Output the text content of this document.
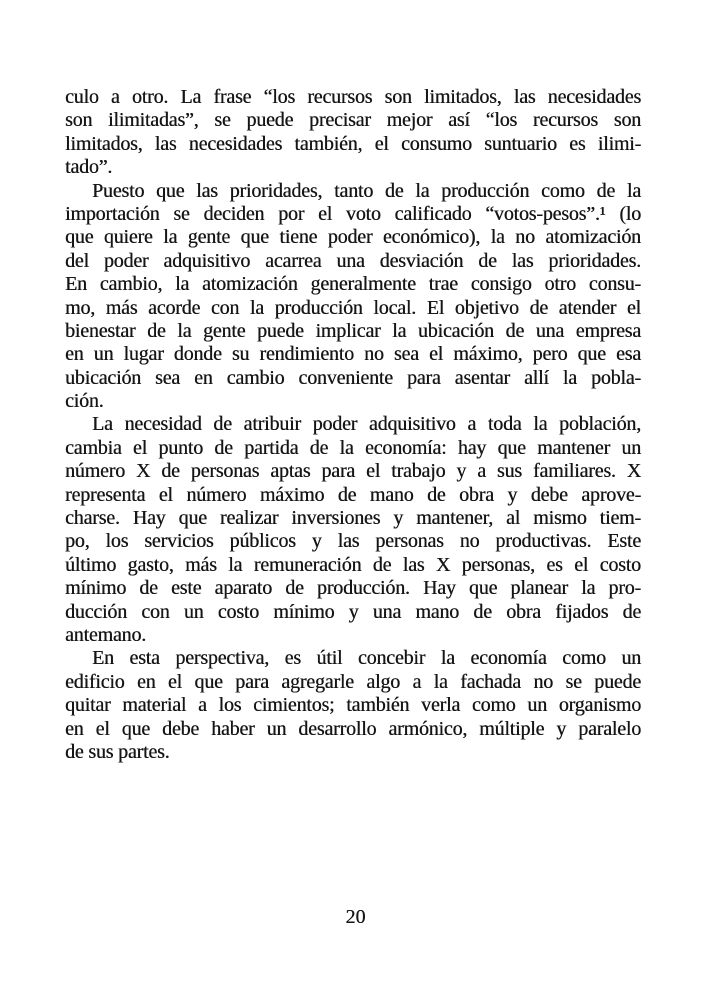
culo a otro. La frase “los recursos son limitados, las necesidades
son ilimitadas”, se puede precisar mejor así “los recursos son
limitados, las necesidades también, el consumo suntuario es ilimi-
tado”.
Puesto que las prioridades, tanto de la producción como de la
importación se deciden por el voto calificado “votos-pesos”.¹ (lo
que quiere la gente que tiene poder económico), la no atomización
del poder adquisitivo acarrea una desviación de las prioridades.
En cambio, la atomización generalmente trae consigo otro consu-
mo, más acorde con la producción local. El objetivo de atender el
bienestar de la gente puede implicar la ubicación de una empresa
en un lugar donde su rendimiento no sea el máximo, pero que esa
ubicación sea en cambio conveniente para asentar allí la pobla-
ción.
La necesidad de atribuir poder adquisitivo a toda la población,
cambia el punto de partida de la economía: hay que mantener un
número X de personas aptas para el trabajo y a sus familiares. X
representa el número máximo de mano de obra y debe aprove-
charse. Hay que realizar inversiones y mantener, al mismo tiem-
po, los servicios públicos y las personas no productivas. Este
último gasto, más la remuneración de las X personas, es el costo
mínimo de este aparato de producción. Hay que planear la pro-
ducción con un costo mínimo y una mano de obra fijados de
antemano.
En esta perspectiva, es útil concebir la economía como un
edificio en el que para agregarle algo a la fachada no se puede
quitar material a los cimientos; también verla como un organismo
en el que debe haber un desarrollo armónico, múltiple y paralelo
de sus partes.
20
